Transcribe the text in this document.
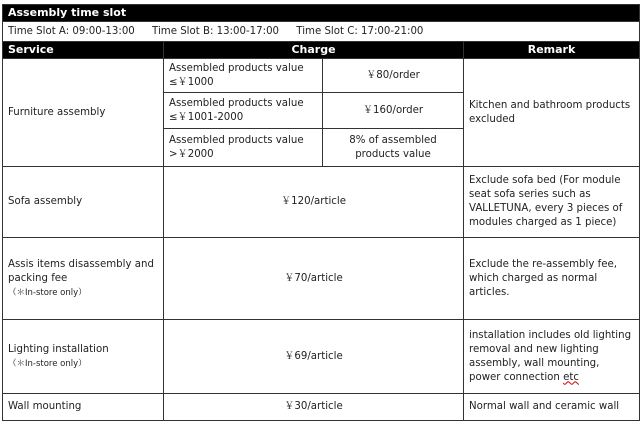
Assembly time slot			
Time Slot A: 09:00-13:00 Time Slot B: 13:00-17:00 Time Slot C: 17:00-21:00			
Service	Charge		Remark
Furniture assembly	Assembled products value ≤￥1000	￥80/order	Kitchen and bathroom products excluded
	Assembled products value ≤￥1001-2000	￥160/order	
	Assembled products value >￥2000	8% of assembled products value	
Sofa assembly	￥120/article		Exclude sofa bed (For module seat sofa series such as VALLETUNA, every 3 pieces of modules charged as 1 piece)
Assis items disassembly and packing fee
（＊In-store only）	￥70/article		Exclude the re-assembly fee, which charged as normal articles.
Lighting installation
（＊In-store only）	￥69/article		installation includes old lighting removal and new lighting assembly, wall mounting, power connection etc
Wall mounting	￥30/article		Normal wall and ceramic wall
